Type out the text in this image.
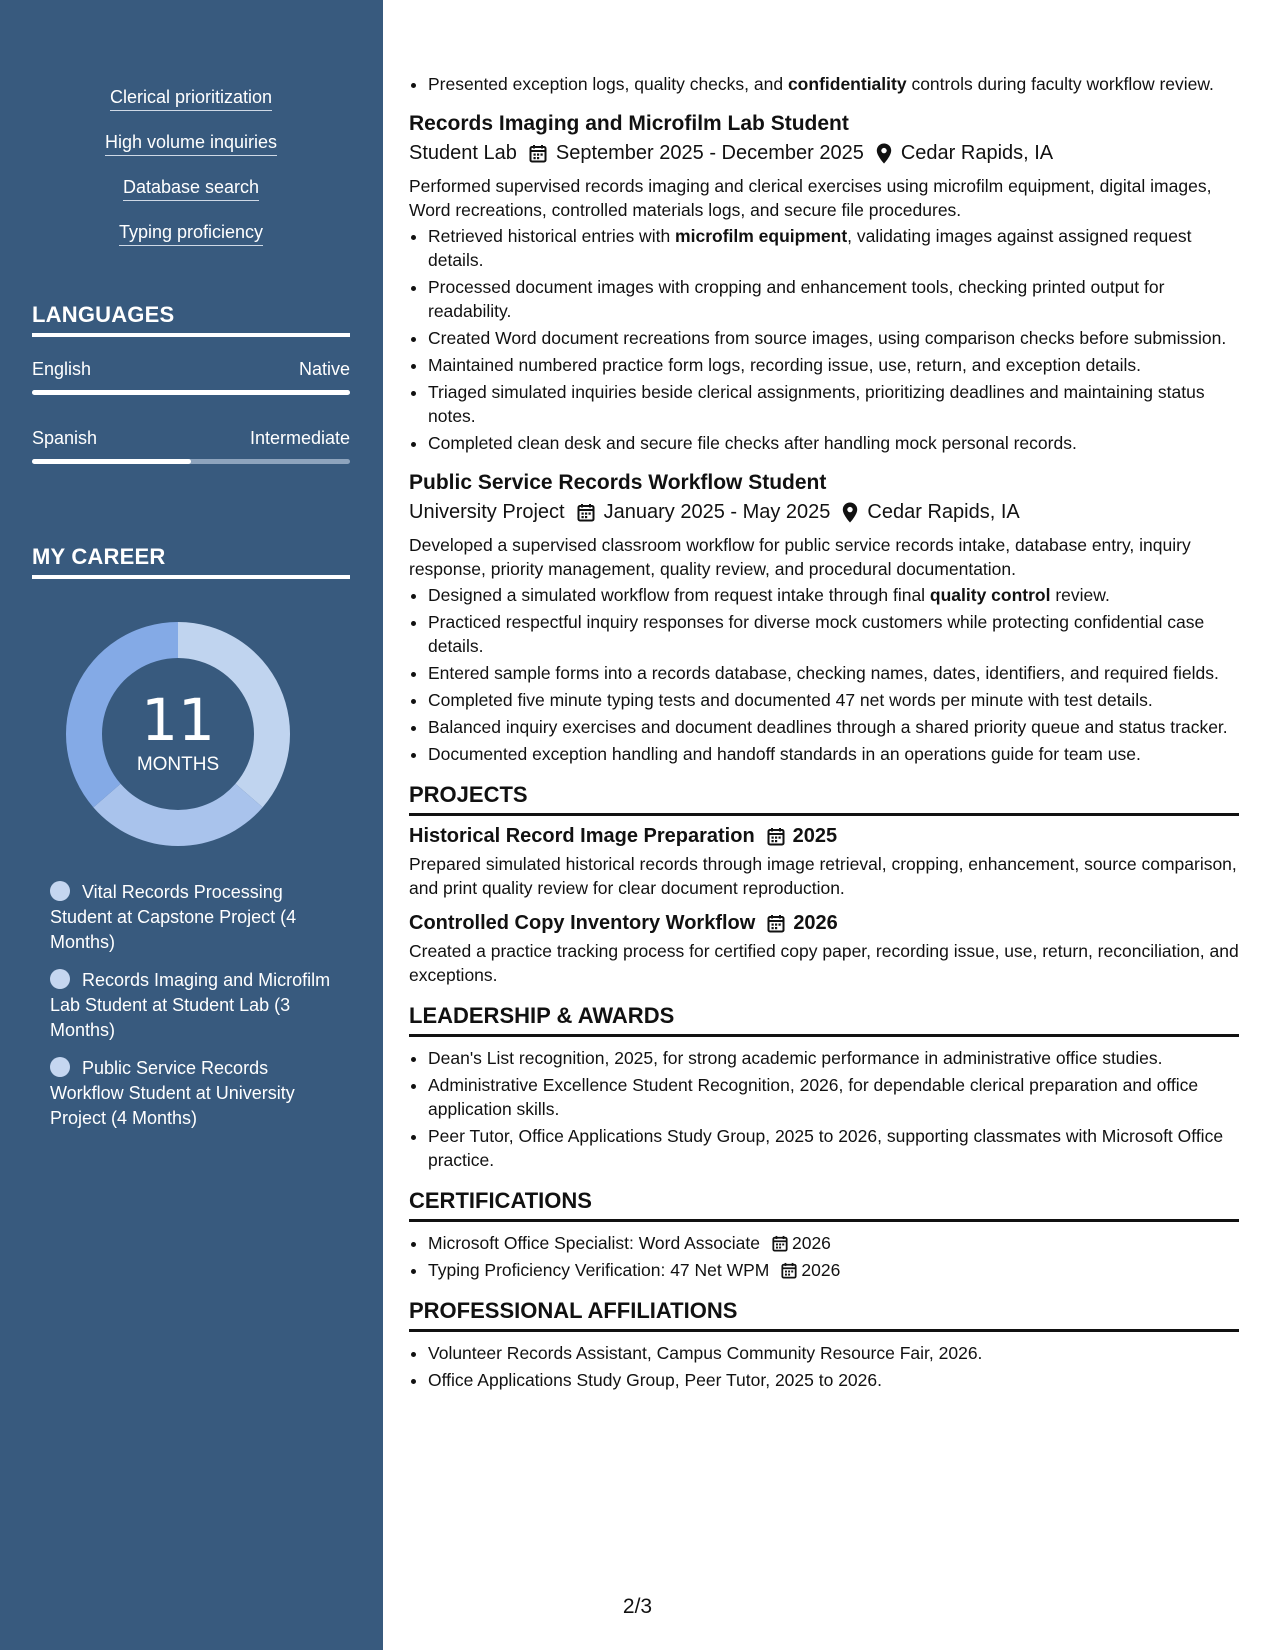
Clerical prioritization
High volume inquiries
Database search
Typing proficiency
LANGUAGES
English	Native
Spanish	Intermediate
MY CAREER
11
MONTHS
Vital Records Processing Student at Capstone Project (4 Months)
Records Imaging and Microfilm Lab Student at Student Lab (3 Months)
Public Service Records Workflow Student at University Project (4 Months)
• Presented exception logs, quality checks, and confidentiality controls during faculty workflow review.
Records Imaging and Microfilm Lab Student
Student Lab September 2025 - December 2025 Cedar Rapids, IA
Performed supervised records imaging and clerical exercises using microfilm equipment, digital images, Word recreations, controlled materials logs, and secure file procedures.
• Retrieved historical entries with microfilm equipment, validating images against assigned request details.
• Processed document images with cropping and enhancement tools, checking printed output for readability.
• Created Word document recreations from source images, using comparison checks before submission.
• Maintained numbered practice form logs, recording issue, use, return, and exception details.
• Triaged simulated inquiries beside clerical assignments, prioritizing deadlines and maintaining status notes.
• Completed clean desk and secure file checks after handling mock personal records.
Public Service Records Workflow Student
University Project January 2025 - May 2025 Cedar Rapids, IA
Developed a supervised classroom workflow for public service records intake, database entry, inquiry response, priority management, quality review, and procedural documentation.
• Designed a simulated workflow from request intake through final quality control review.
• Practiced respectful inquiry responses for diverse mock customers while protecting confidential case details.
• Entered sample forms into a records database, checking names, dates, identifiers, and required fields.
• Completed five minute typing tests and documented 47 net words per minute with test details.
• Balanced inquiry exercises and document deadlines through a shared priority queue and status tracker.
• Documented exception handling and handoff standards in an operations guide for team use.
PROJECTS
Historical Record Image Preparation 2025
Prepared simulated historical records through image retrieval, cropping, enhancement, source comparison, and print quality review for clear document reproduction.
Controlled Copy Inventory Workflow 2026
Created a practice tracking process for certified copy paper, recording issue, use, return, reconciliation, and exceptions.
LEADERSHIP & AWARDS
• Dean's List recognition, 2025, for strong academic performance in administrative office studies.
• Administrative Excellence Student Recognition, 2026, for dependable clerical preparation and office application skills.
• Peer Tutor, Office Applications Study Group, 2025 to 2026, supporting classmates with Microsoft Office practice.
CERTIFICATIONS
• Microsoft Office Specialist: Word Associate 2026
• Typing Proficiency Verification: 47 Net WPM 2026
PROFESSIONAL AFFILIATIONS
• Volunteer Records Assistant, Campus Community Resource Fair, 2026.
• Office Applications Study Group, Peer Tutor, 2025 to 2026.
2/3
